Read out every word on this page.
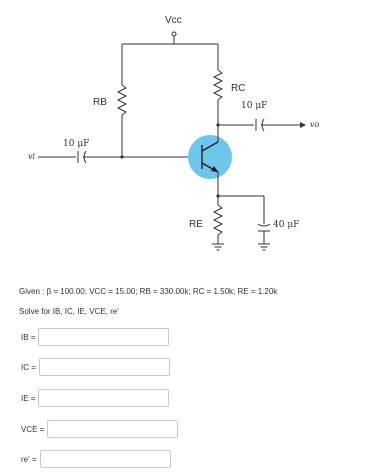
Vcc
RB
RC
RE
10 μF
10 μF
40 μF
vi
vo
Given : β = 100.00; VCC = 15.00; RB = 330.00k; RC = 1.50k; RE = 1.20k
Solve for IB, IC, IE, VCE, re'
IB =
IC =
IE =
VCE =
re' =
